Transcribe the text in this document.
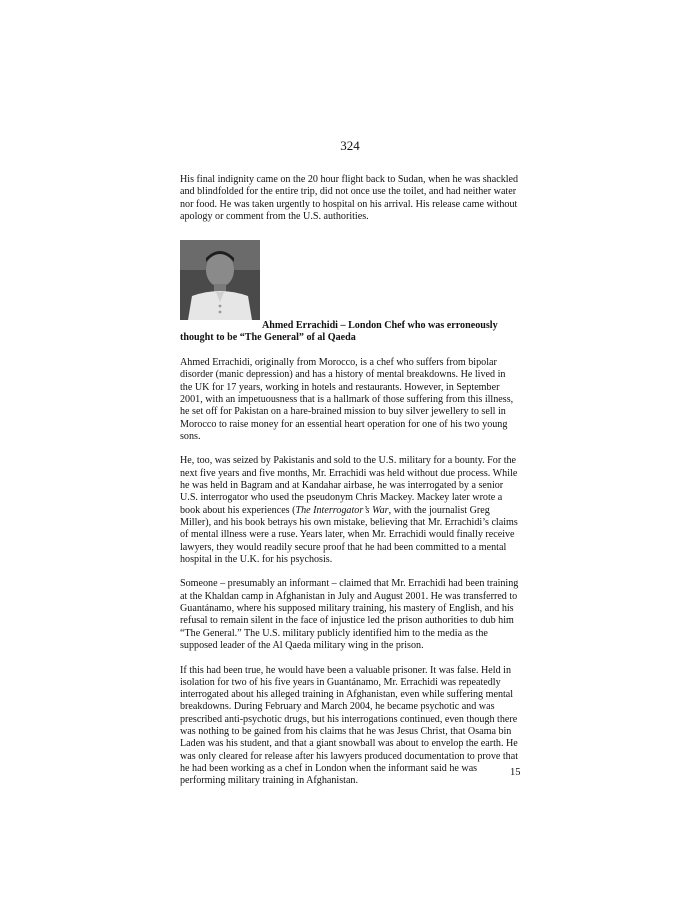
324

His final indignity came on the 20 hour flight back to Sudan, when he was shackled and blindfolded for the entire trip, did not once use the toilet, and had neither water nor food. He was taken urgently to hospital on his arrival. His release came without apology or comment from the U.S. authorities.

Ahmed Errachidi – London Chef who was erroneously thought to be “The General” of al Qaeda

Ahmed Errachidi, originally from Morocco, is a chef who suffers from bipolar disorder (manic depression) and has a history of mental breakdowns. He lived in the UK for 17 years, working in hotels and restaurants. However, in September 2001, with an impetuousness that is a hallmark of those suffering from this illness, he set off for Pakistan on a hare-brained mission to buy silver jewellery to sell in Morocco to raise money for an essential heart operation for one of his two young sons.

He, too, was seized by Pakistanis and sold to the U.S. military for a bounty. For the next five years and five months, Mr. Errachidi was held without due process. While he was held in Bagram and at Kandahar airbase, he was interrogated by a senior U.S. interrogator who used the pseudonym Chris Mackey. Mackey later wrote a book about his experiences (The Interrogator’s War, with the journalist Greg Miller), and his book betrays his own mistake, believing that Mr. Errachidi’s claims of mental illness were a ruse. Years later, when Mr. Errachidi would finally receive lawyers, they would readily secure proof that he had been committed to a mental hospital in the U.K. for his psychosis.

Someone – presumably an informant – claimed that Mr. Errachidi had been training at the Khaldan camp in Afghanistan in July and August 2001. He was transferred to Guantánamo, where his supposed military training, his mastery of English, and his refusal to remain silent in the face of injustice led the prison authorities to dub him “The General.” The U.S. military publicly identified him to the media as the supposed leader of the Al Qaeda military wing in the prison.

If this had been true, he would have been a valuable prisoner. It was false. Held in isolation for two of his five years in Guantánamo, Mr. Errachidi was repeatedly interrogated about his alleged training in Afghanistan, even while suffering mental breakdowns. During February and March 2004, he became psychotic and was prescribed anti-psychotic drugs, but his interrogations continued, even though there was nothing to be gained from his claims that he was Jesus Christ, that Osama bin Laden was his student, and that a giant snowball was about to envelop the earth. He was only cleared for release after his lawyers produced documentation to prove that he had been working as a chef in London when the informant said he was performing military training in Afghanistan.

15
